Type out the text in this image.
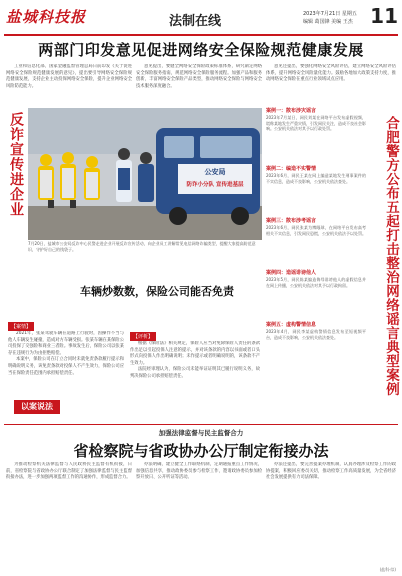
盐城科技报	法制在线	2023年7月21日 星期五
编辑 葛国锋 美编 王杰 11
两部门印发意见促进网络安全保险规范健康发展

工业和信息化部、国家金融监督管理总局日前印发《关于促进网络安全保险规范健康发展的意见》，提出要引导网络安全保险规范健康发展，支持企业主动投保网络安全保险，提升企业网络安全风险防范能力。

意见提出，要健全网络安全保险政策标准体系，研究制定网络安全保险服务指南，规范网络安全保险服务流程。加强产品和服务创新，丰富网络安全保险产品类型，推动网络安全保险与网络安全技术服务深度融合。

意见还提出，要强化网络安全风险评估，建立网络安全风险评估体系，提升网络安全风险量化能力。鼓励各地加大政策支持力度，推动网络安全保险在重点行业领域试点应用。

反诈宣传进企业	公安局
防诈小分队 宣传进基层
7月20日，盐城市公安局反诈中心民警走进企业开展反诈宣传活动，向企业员工讲解常见电信网络诈骗类型，提醒大家提高防范意识，守护好自己的钱袋子。	合肥警方公布五起打击整治网络谣言典型案例
案例一：散布涉灾谣言
2023年7月某日，网民刘某在网络平台发布虚假视频，谎称某地发生严重灾情，引发网民关注，造成不良社会影响。公安机关依法对其予以行政处罚。
案例二：编造不实警情
2023年6月，网民王某在网上编造某地发生刑事案件的不实信息，造成不良影响，公安机关依法查处。
案例三：散布涉考谣言
2023年6月，网民张某为博眼球，在网络平台发布高考相关不实信息，引发网民恐慌，公安机关依法予以处罚。
案例四：造谣诽谤他人
2023年5月，网民陈某编造侮辱诽谤他人的虚假信息并在网上传播，公安机关依法对其予以行政拘留。
案例五：虚构警情信息
2023年4月，网民李某虚构警情信息发布至短视频平台，造成不良影响，公安机关依法查处。
车辆炒数数，保险公司能否免责
【案情】

2021年，张某驾驶车辆在道路上行驶时，因操作不当与他人车辆发生碰撞，造成对方车辆受损。张某车辆在某保险公司投保了交强险和商业三者险。事故发生后，保险公司以张某存在违规行为为由拒绝赔偿。

本案中，保险公司在订立合同时未就免责条款履行提示和明确说明义务，该免责条款对投保人不产生效力，保险公司应当在保险责任范围内承担赔偿责任。

【评析】

根据《保险法》相关规定，保险人应当对免除保险人责任的条款作出足以引起投保人注意的提示，并对该条款的内容以书面或者口头形式向投保人作出明确说明；未作提示或者明确说明的，该条款不产生效力。

法院经审理认为，保险公司未能举证证明其已履行说明义务，故判决保险公司承担赔偿责任。

以案说法
加强法律监督与民主监督合力
省检察院与省政协办公厅制定衔接办法

为推动检察机关法律监督与人民政协民主监督有机衔接，日前，省检察院与省政协办公厅联合制定了加强法律监督与民主监督衔接办法，进一步加强两项监督工作的沟通协作，形成监督合力。

办法明确，建立健全工作联络机制，定期通报重点工作情况，加强信息共享，推动政协委员参与检察工作，邀请政协委员参加检察开放日、公开听证等活动。

办法还提出，要完善提案办理机制，认真办理涉及检察工作的政协提案，积极回应委员关切，推动检察工作高质量发展，为全省经济社会发展提供有力司法保障。

(盐科·综)
